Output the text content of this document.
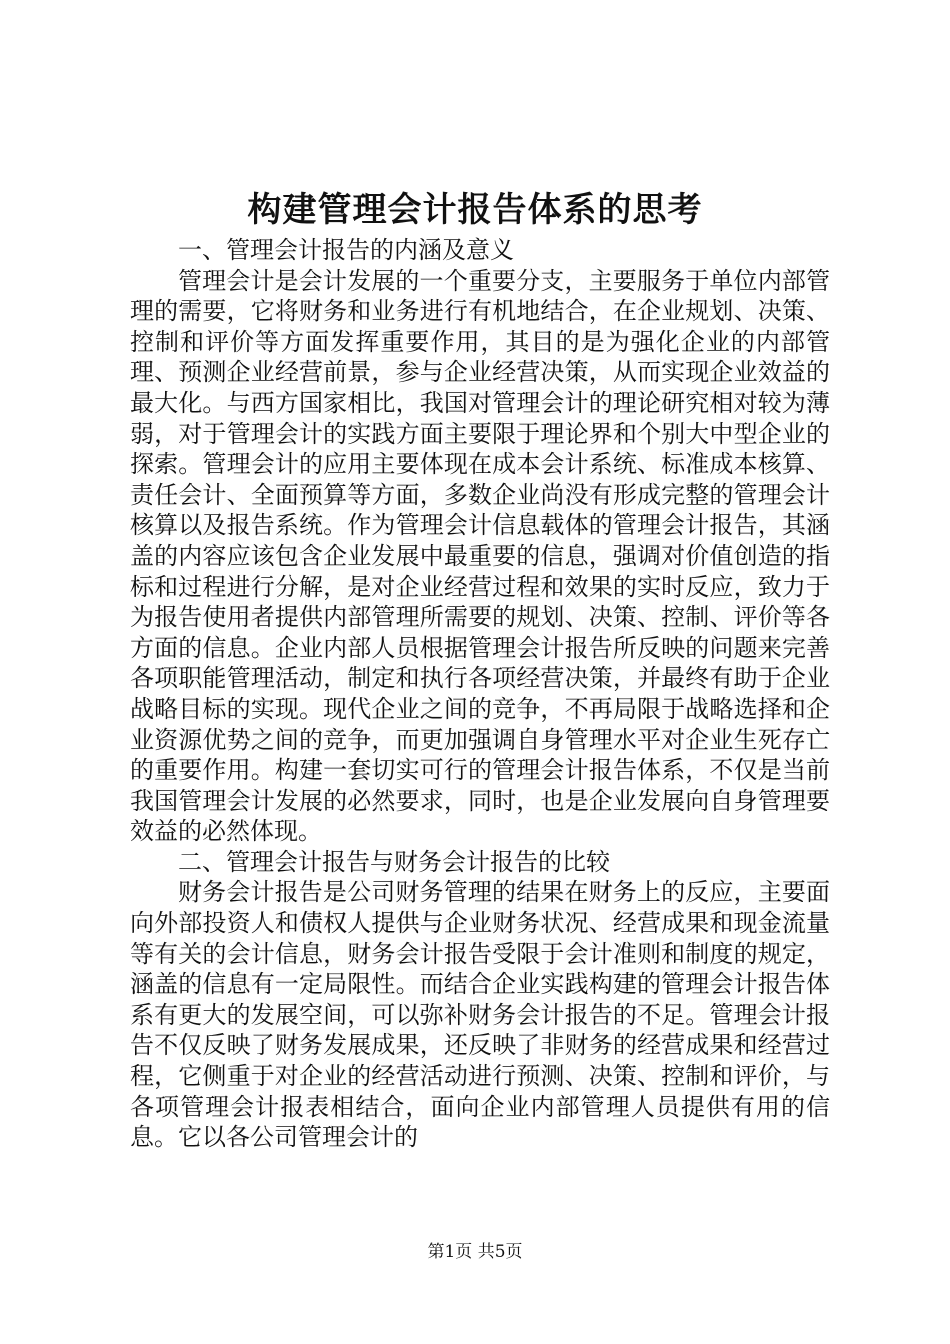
构建管理会计报告体系的思考

一、管理会计报告的内涵及意义

管理会计是会计发展的一个重要分支，主要服务于单位内部管理的需要，它将财务和业务进行有机地结合，在企业规划、决策、控制和评价等方面发挥重要作用，其目的是为强化企业的内部管理、预测企业经营前景，参与企业经营决策，从而实现企业效益的最大化。与西方国家相比，我国对管理会计的理论研究相对较为薄弱，对于管理会计的实践方面主要限于理论界和个别大中型企业的探索。管理会计的应用主要体现在成本会计系统、标准成本核算、责任会计、全面预算等方面，多数企业尚没有形成完整的管理会计核算以及报告系统。作为管理会计信息载体的管理会计报告，其涵盖的内容应该包含企业发展中最重要的信息，强调对价值创造的指标和过程进行分解，是对企业经营过程和效果的实时反应，致力于为报告使用者提供内部管理所需要的规划、决策、控制、评价等各方面的信息。企业内部人员根据管理会计报告所反映的问题来完善各项职能管理活动，制定和执行各项经营决策，并最终有助于企业战略目标的实现。现代企业之间的竞争，不再局限于战略选择和企业资源优势之间的竞争，而更加强调自身管理水平对企业生死存亡的重要作用。构建一套切实可行的管理会计报告体系，不仅是当前我国管理会计发展的必然要求，同时，也是企业发展向自身管理要效益的必然体现。

二、管理会计报告与财务会计报告的比较

财务会计报告是公司财务管理的结果在财务上的反应，主要面向外部投资人和债权人提供与企业财务状况、经营成果和现金流量等有关的会计信息，财务会计报告受限于会计准则和制度的规定，涵盖的信息有一定局限性。而结合企业实践构建的管理会计报告体系有更大的发展空间，可以弥补财务会计报告的不足。管理会计报告不仅反映了财务发展成果，还反映了非财务的经营成果和经营过程，它侧重于对企业的经营活动进行预测、决策、控制和评价，与各项管理会计报表相结合，面向企业内部管理人员提供有用的信息。它以各公司管理会计的

第1页 共5页
